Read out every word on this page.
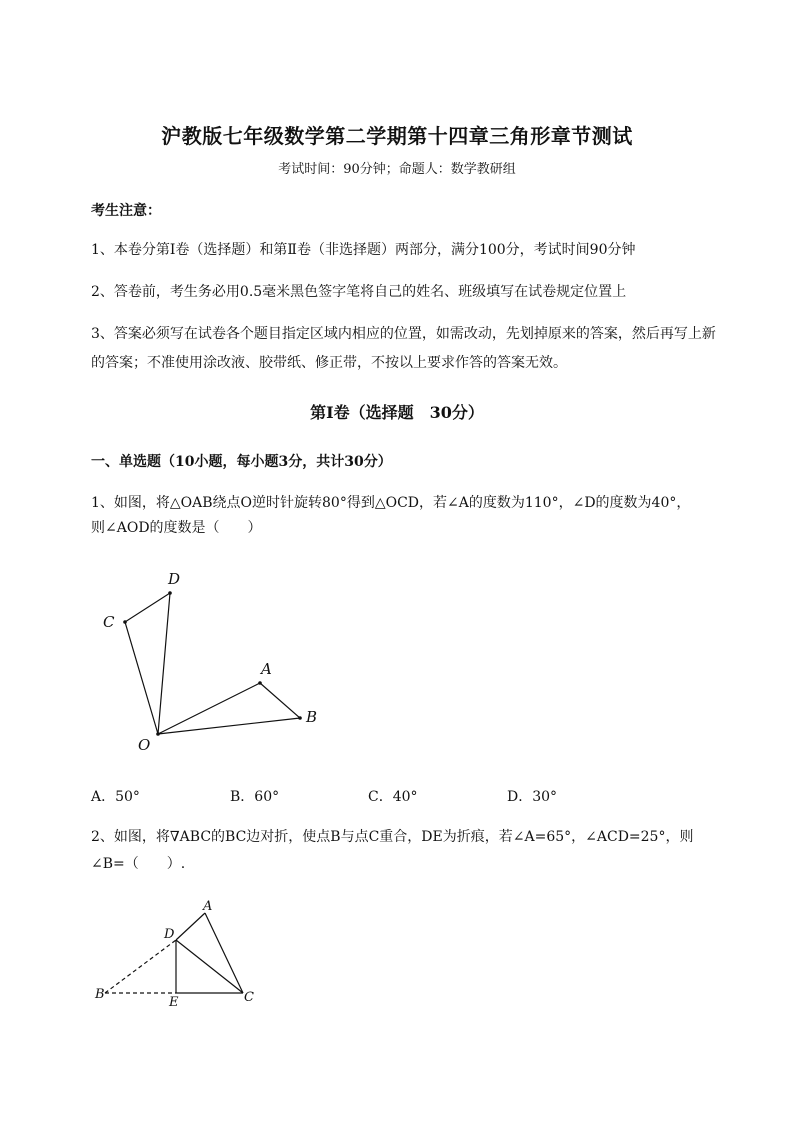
沪教版七年级数学第二学期第十四章三角形章节测试
考试时间：90分钟；命题人：数学教研组
考生注意：
1、本卷分第I卷（选择题）和第Ⅱ卷（非选择题）两部分，满分100分，考试时间90分钟
2、答卷前，考生务必用0.5毫米黑色签字笔将自己的姓名、班级填写在试卷规定位置上
3、答案必须写在试卷各个题目指定区域内相应的位置，如需改动，先划掉原来的答案，然后再写上新的答案；不准使用涂改液、胶带纸、修正带，不按以上要求作答的答案无效。
第I卷（选择题　30分）
一、单选题（10小题，每小题3分，共计30分）
1、如图，将△OAB绕点O逆时针旋转80°得到△OCD，若∠A的度数为110°，∠D的度数为40°，
则∠AOD的度数是（　　）
D
C
A
B
O
A．50°	B．60°	C．40°	D．30°
2、如图，将∇ABC的BC边对折，使点B与点C重合，DE为折痕，若∠A=65°，∠ACD=25°，则
∠B=（　　）.
A
D
B
E	C
